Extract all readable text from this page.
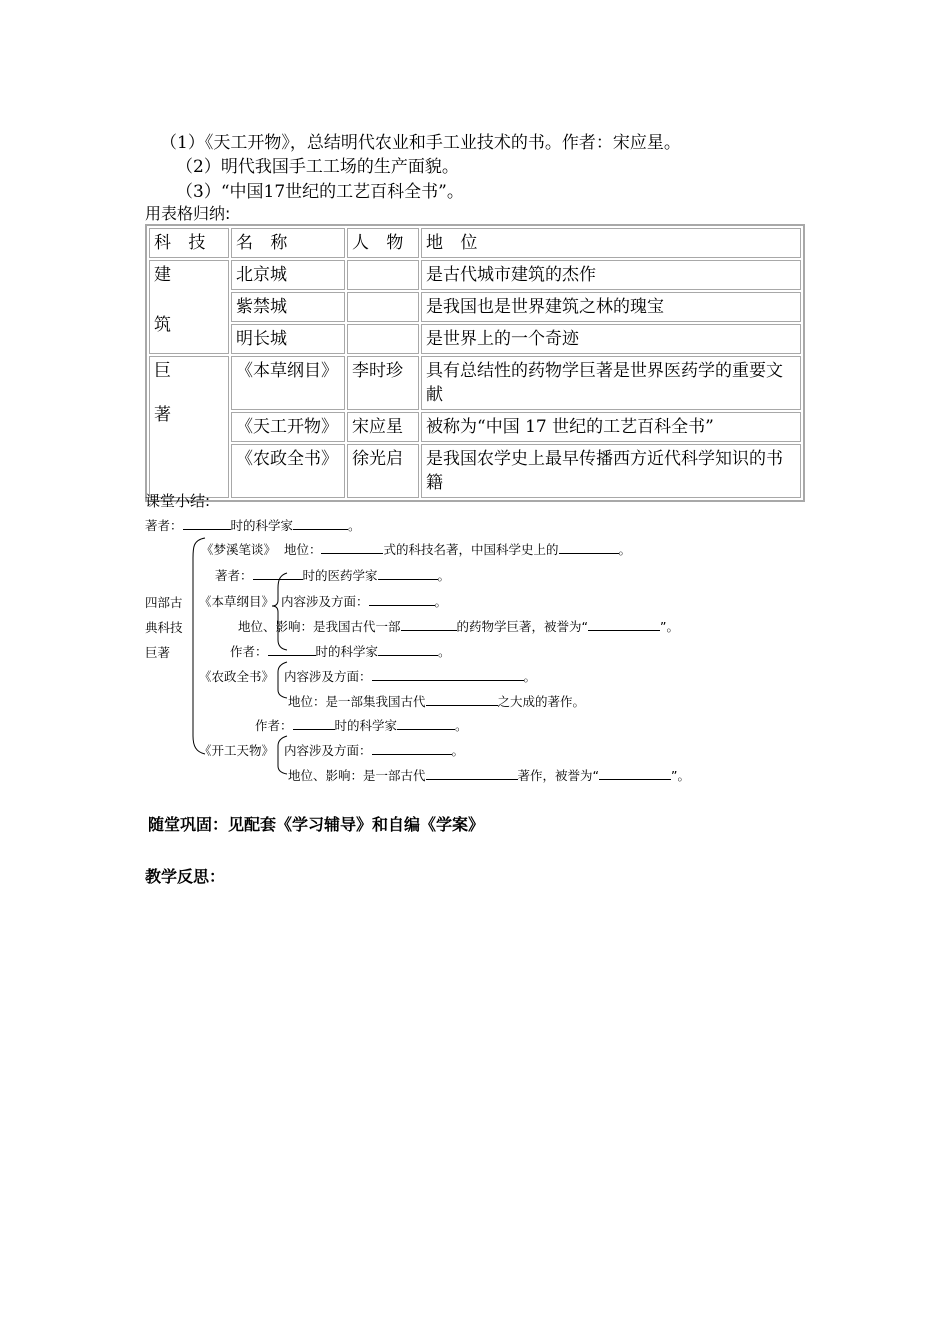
（1）《天工开物》，总结明代农业和手工业技术的书。作者：宋应星。
（2）明代我国手工工场的生产面貌。
（3）“中国17世纪的工艺百科全书”。
用表格归纳:
科 技	名 称	人 物	地 位

建
筑	北京城		是古代城市建筑的杰作
	紫禁城		是我国也是世界建筑之林的瑰宝
	明长城		是世界上的一个奇迹

巨
著	《本草纲目》	李时珍	具有总结性的药物学巨著是世界医药学的重要文献
	《天工开物》	宋应星	被称为“中国 17 世纪的工艺百科全书”
	《农政全书》	徐光启	是我国农学史上最早传播西方近代科学知识的书籍
课堂小结:
著者：	时的科学家	。
四部古
典科技
巨著
《梦溪笔谈》 地位：	式的科技名著，中国科学史上的	。
著者：	时的医药学家	。
《本草纲目》 内容涉及方面：	。
地位、影响：是我国古代一部	的药物学巨著，被誉为“	”。
作者：	时的科学家	。
《农政全书》 内容涉及方面：	。
地位：是一部集我国古代	之大成的著作。
作者：	时的科学家	。
《开工天物》 内容涉及方面：	。
地位、影响：是一部古代	著作，被誉为“	”。
随堂巩固：见配套《学习辅导》和自编《学案》
教学反思：
